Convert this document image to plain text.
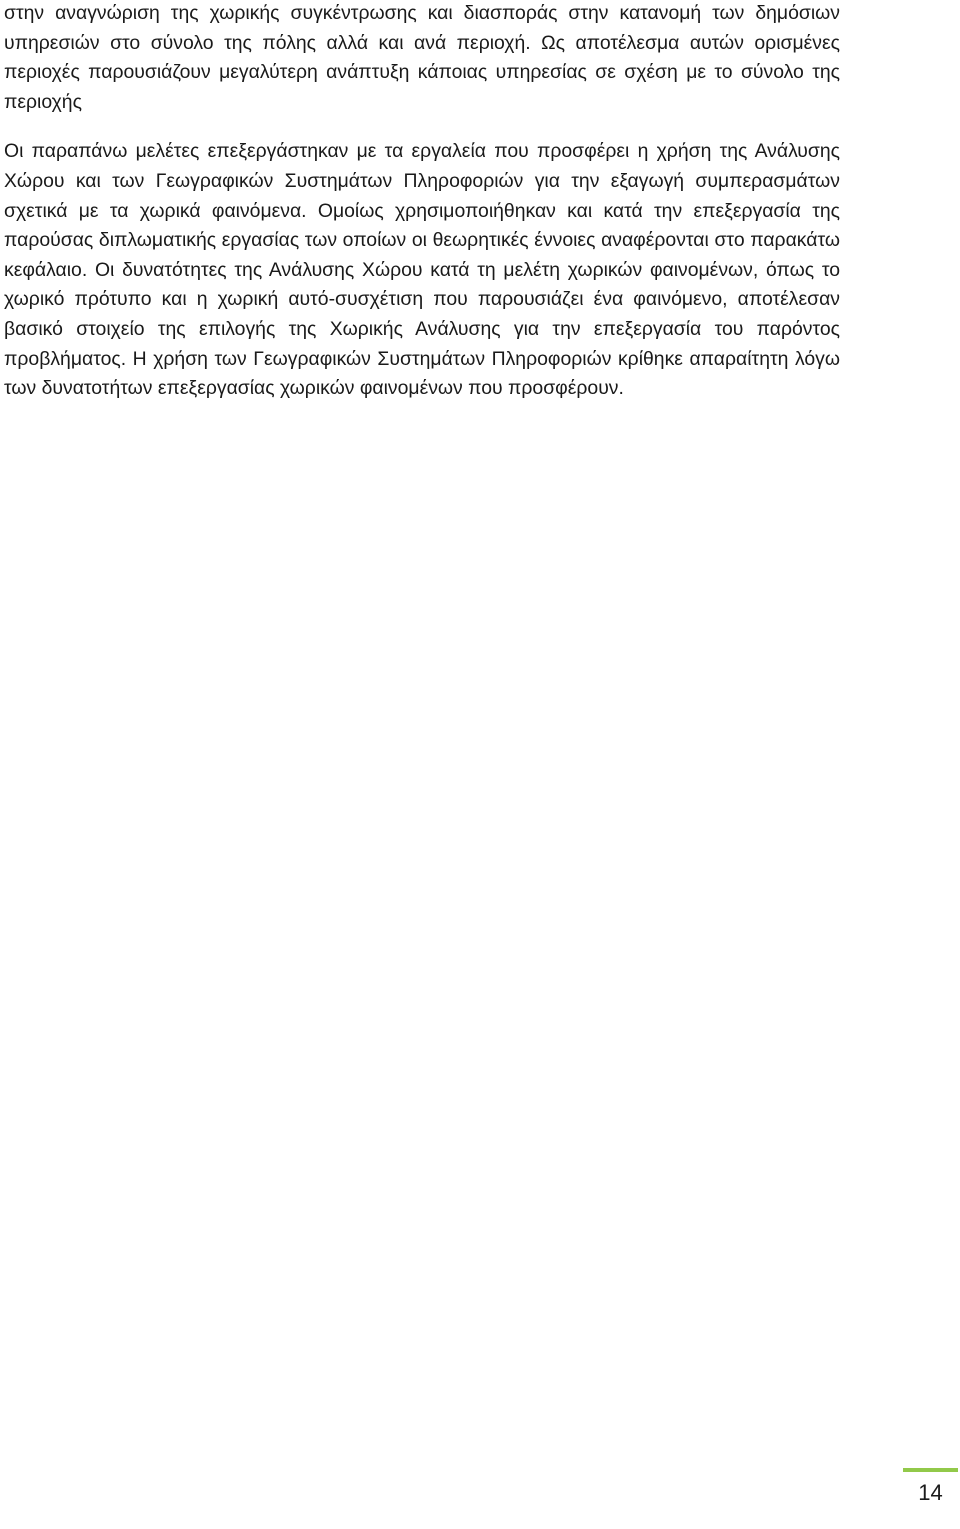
στην αναγνώριση της χωρικής συγκέντρωσης και διασποράς στην κατανομή των δημόσιων υπηρεσιών στο σύνολο της πόλης αλλά και ανά περιοχή. Ως αποτέλεσμα αυτών ορισμένες περιοχές παρουσιάζουν μεγαλύτερη ανάπτυξη κάποιας υπηρεσίας σε σχέση με το σύνολο της περιοχής

Οι παραπάνω μελέτες επεξεργάστηκαν με τα εργαλεία που προσφέρει η χρήση της Ανάλυσης Χώρου και των Γεωγραφικών Συστημάτων Πληροφοριών για την εξαγωγή συμπερασμάτων σχετικά με τα χωρικά φαινόμενα. Ομοίως χρησιμοποιήθηκαν και κατά την επεξεργασία της παρούσας διπλωματικής εργασίας των οποίων οι θεωρητικές έννοιες αναφέρονται στο παρακάτω κεφάλαιο. Οι δυνατότητες της Ανάλυσης Χώρου κατά τη μελέτη χωρικών φαινομένων, όπως το χωρικό πρότυπο και η χωρική αυτό-συσχέτιση που παρουσιάζει ένα φαινόμενο, αποτέλεσαν βασικό στοιχείο της επιλογής της Χωρικής Ανάλυσης για την επεξεργασία του παρόντος προβλήματος. Η χρήση των Γεωγραφικών Συστημάτων Πληροφοριών κρίθηκε απαραίτητη λόγω των δυνατοτήτων επεξεργασίας χωρικών φαινομένων που προσφέρουν.

14
